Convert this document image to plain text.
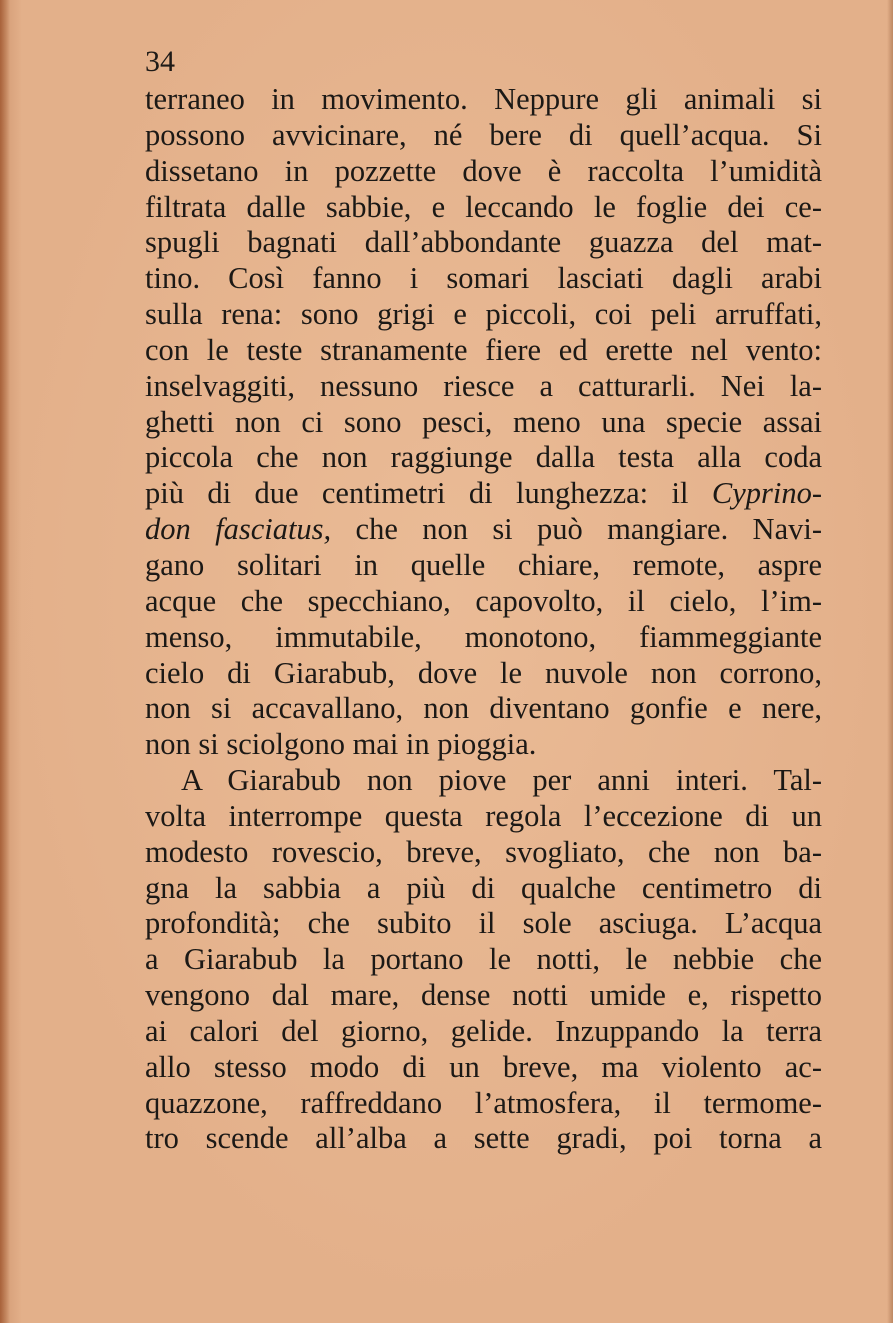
34
terraneo in movimento. Neppure gli animali si
possono avvicinare, né bere di quell’acqua. Si
dissetano in pozzette dove è raccolta l’umidità
filtrata dalle sabbie, e leccando le foglie dei ce-
spugli bagnati dall’abbondante guazza del mat-
tino. Così fanno i somari lasciati dagli arabi
sulla rena: sono grigi e piccoli, coi peli arruffati,
con le teste stranamente fiere ed erette nel vento:
inselvaggiti, nessuno riesce a catturarli. Nei la-
ghetti non ci sono pesci, meno una specie assai
piccola che non raggiunge dalla testa alla coda
più di due centimetri di lunghezza: il Cyprino-
don fasciatus, che non si può mangiare. Navi-
gano solitari in quelle chiare, remote, aspre
acque che specchiano, capovolto, il cielo, l’im-
menso, immutabile, monotono, fiammeggiante
cielo di Giarabub, dove le nuvole non corrono,
non si accavallano, non diventano gonfie e nere,
non si sciolgono mai in pioggia.
A Giarabub non piove per anni interi. Tal-
volta interrompe questa regola l’eccezione di un
modesto rovescio, breve, svogliato, che non ba-
gna la sabbia a più di qualche centimetro di
profondità; che subito il sole asciuga. L’acqua
a Giarabub la portano le notti, le nebbie che
vengono dal mare, dense notti umide e, rispetto
ai calori del giorno, gelide. Inzuppando la terra
allo stesso modo di un breve, ma violento ac-
quazzone, raffreddano l’atmosfera, il termome-
tro scende all’alba a sette gradi, poi torna a
